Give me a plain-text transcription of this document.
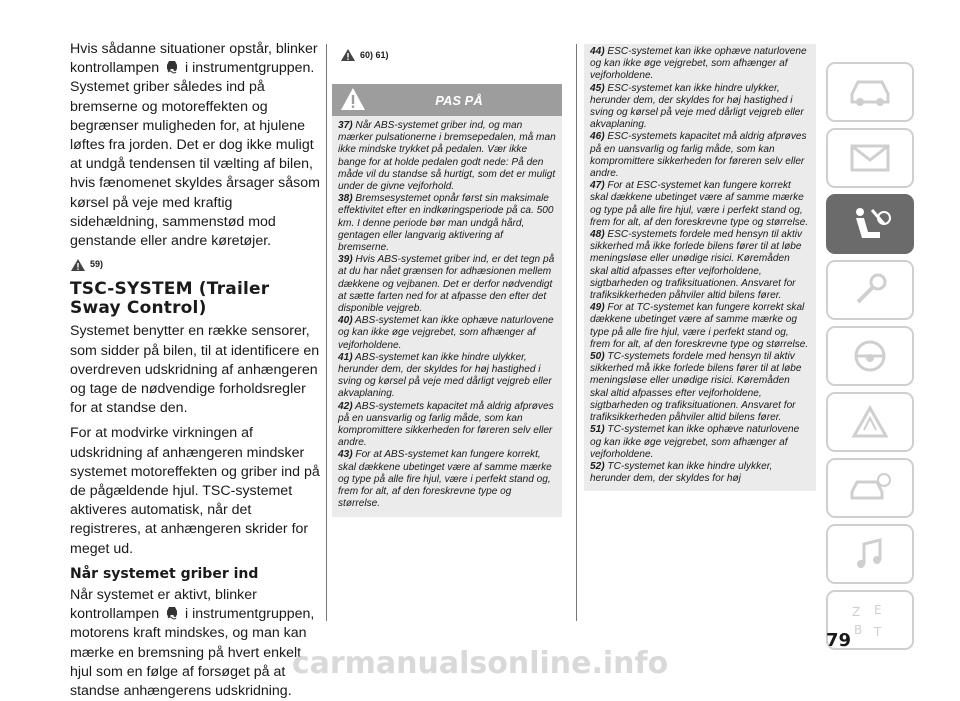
Hvis sådanne situationer opstår, blinker kontrollampen i instrumentgruppen. Systemet griber således ind på bremserne og motoreffekten og begrænser muligheden for, at hjulene løftes fra jorden. Det er dog ikke muligt at undgå tendensen til vælting af bilen, hvis fænomenet skyldes årsager såsom kørsel på veje med kraftig sidehældning, sammenstød mod genstande eller andre køretøjer.

59)
TSC-SYSTEM (Trailer Sway Control)

Systemet benytter en række sensorer, som sidder på bilen, til at identificere en overdreven udskridning af anhængeren og tage de nødvendige forholdsregler for at standse den.

For at modvirke virkningen af udskridning af anhængeren mindsker systemet motoreffekten og griber ind på de pågældende hjul. TSC-systemet aktiveres automatisk, når det registreres, at anhængeren skrider for meget ud.

Når systemet griber ind

Når systemet er aktivt, blinker kontrollampen i instrumentgruppen, motorens kraft mindskes, og man kan mærke en bremsning på hvert enkelt hjul som en følge af forsøget på at standse anhængerens udskridning.

60) 61)
PAS PÅ

37) Når ABS-systemet griber ind, og man mærker pulsationerne i bremsepedalen, må man ikke mindske trykket på pedalen. Vær ikke bange for at holde pedalen godt nede: På den måde vil du standse så hurtigt, som det er muligt under de givne vejforhold.

38) Bremsesystemet opnår først sin maksimale effektivitet efter en indkøringsperiode på ca. 500 km. I denne periode bør man undgå hård, gentagen eller langvarig aktivering af bremserne.

39) Hvis ABS-systemet griber ind, er det tegn på at du har nået grænsen for adhæsionen mellem dækkene og vejbanen. Det er derfor nødvendigt at sætte farten ned for at afpasse den efter det disponible vejgreb.

40) ABS-systemet kan ikke ophæve naturlovene og kan ikke øge vejgrebet, som afhænger af vejforholdene.

41) ABS-systemet kan ikke hindre ulykker, herunder dem, der skyldes for høj hastighed i sving og kørsel på veje med dårligt vejgreb eller akvaplaning.

42) ABS-systemets kapacitet må aldrig afprøves på en uansvarlig og farlig måde, som kan kompromittere sikkerheden for føreren selv eller andre.

43) For at ABS-systemet kan fungere korrekt, skal dækkene ubetinget være af samme mærke og type på alle fire hjul, være i perfekt stand og, frem for alt, af den foreskrevne type og størrelse.

44) ESC-systemet kan ikke ophæve naturlovene og kan ikke øge vejgrebet, som afhænger af vejforholdene.

45) ESC-systemet kan ikke hindre ulykker, herunder dem, der skyldes for høj hastighed i sving og kørsel på veje med dårligt vejgreb eller akvaplaning.

46) ESC-systemets kapacitet må aldrig afprøves på en uansvarlig og farlig måde, som kan kompromittere sikkerheden for føreren selv eller andre.

47) For at ESC-systemet kan fungere korrekt skal dækkene ubetinget være af samme mærke og type på alle fire hjul, være i perfekt stand og, frem for alt, af den foreskrevne type og størrelse.

48) ESC-systemets fordele med hensyn til aktiv sikkerhed må ikke forlede bilens fører til at løbe meningsløse eller unødige risici. Køremåden skal altid afpasses efter vejforholdene, sigtbarheden og trafiksituationen. Ansvaret for trafiksikkerheden påhviler altid bilens fører.

49) For at TC-systemet kan fungere korrekt skal dækkene ubetinget være af samme mærke og type på alle fire hjul, være i perfekt stand og, frem for alt, af den foreskrevne type og størrelse.

50) TC-systemets fordele med hensyn til aktiv sikkerhed må ikke forlede bilens fører til at løbe meningsløse eller unødige risici. Køremåden skal altid afpasses efter vejforholdene, sigtbarheden og trafiksituationen. Ansvaret for trafiksikkerheden påhviler altid bilens fører.

51) TC-systemet kan ikke ophæve naturlovene og kan ikke øge vejgrebet, som afhænger af vejforholdene.

52) TC-systemet kan ikke hindre ulykker, herunder dem, der skyldes for høj

Z E
B T
79
carmanualsonline.info
